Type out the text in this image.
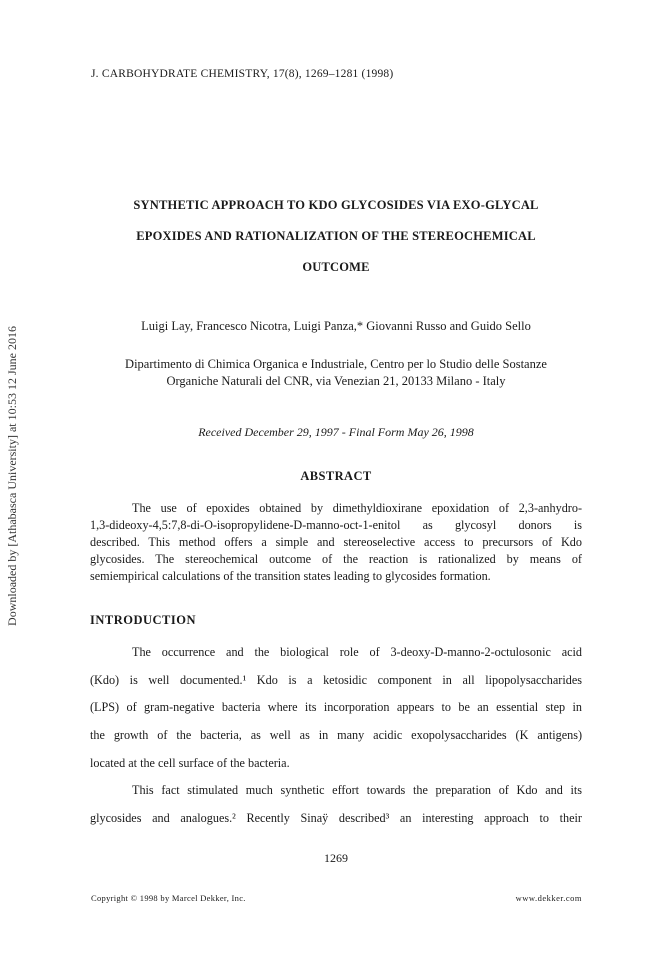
Downloaded by [Athabasca University] at 10:53 12 June 2016
J. CARBOHYDRATE CHEMISTRY, 17(8), 1269–1281 (1998)
SYNTHETIC APPROACH TO KDO GLYCOSIDES VIA EXO-GLYCAL
EPOXIDES AND RATIONALIZATION OF THE STEREOCHEMICAL
OUTCOME
Luigi Lay, Francesco Nicotra, Luigi Panza,* Giovanni Russo and Guido Sello
Dipartimento di Chimica Organica e Industriale, Centro per lo Studio delle Sostanze
Organiche Naturali del CNR, via Venezian 21, 20133 Milano - Italy
Received December 29, 1997 - Final Form May 26, 1998
ABSTRACT
The use of epoxides obtained by dimethyldioxirane epoxidation of 2,3-anhydro-
1,3-dideoxy-4,5:7,8-di-O-isopropylidene-D-manno-oct-1-enitol as glycosyl donors is
described. This method offers a simple and stereoselective access to precursors of Kdo
glycosides. The stereochemical outcome of the reaction is rationalized by means of
semiempirical calculations of the transition states leading to glycosides formation.
INTRODUCTION
The occurrence and the biological role of 3-deoxy-D-manno-2-octulosonic acid
(Kdo) is well documented.¹ Kdo is a ketosidic component in all lipopolysaccharides
(LPS) of gram-negative bacteria where its incorporation appears to be an essential step in
the growth of the bacteria, as well as in many acidic exopolysaccharides (K antigens)
located at the cell surface of the bacteria.
This fact stimulated much synthetic effort towards the preparation of Kdo and its
glycosides and analogues.² Recently Sinaÿ described³ an interesting approach to their
1269
Copyright © 1998 by Marcel Dekker, Inc.	www.dekker.com
